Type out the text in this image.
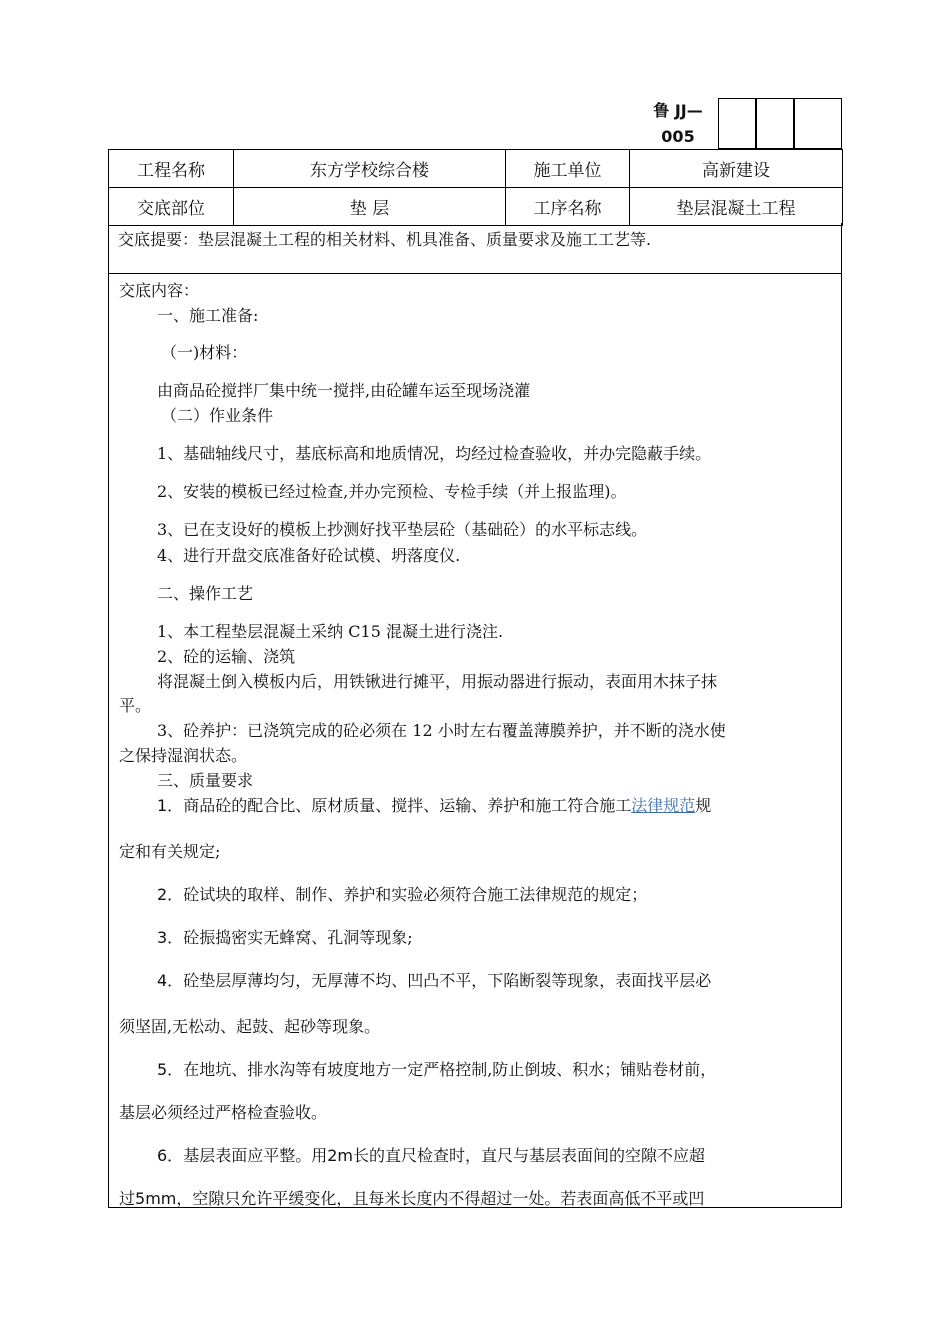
鲁 JJ—
005
工程名称	东方学校综合楼	施工单位	高新建设
交底部位	垫 层	工序名称	垫层混凝土工程
交底提要：垫层混凝土工程的相关材料、机具准备、质量要求及施工工艺等.
交底内容：
一、施工准备:
（一)材料：
由商品砼搅拌厂集中统一搅拌,由砼罐车运至现场浇灌
（二）作业条件
1、基础轴线尺寸，基底标高和地质情况，均经过检查验收，并办完隐蔽手续。
2、安装的模板已经过检查,并办完预检、专检手续（并上报监理)。
3、已在支设好的模板上抄测好找平垫层砼（基础砼）的水平标志线。
4、进行开盘交底准备好砼试模、坍落度仪.
二、操作工艺
1、本工程垫层混凝土采纳 C15 混凝土进行浇注.
2、砼的运输、浇筑
将混凝土倒入模板内后，用铁锹进行摊平，用振动器进行振动，表面用木抹子抹
平。
3、砼养护：已浇筑完成的砼必须在 12 小时左右覆盖薄膜养护，并不断的浇水使
之保持湿润状态。
三、质量要求
1．商品砼的配合比、原材质量、搅拌、运输、养护和施工符合施工法律规范规
定和有关规定;
2．砼试块的取样、制作、养护和实验必须符合施工法律规范的规定；
3．砼振捣密实无蜂窝、孔洞等现象;
4．砼垫层厚薄均匀，无厚薄不均、凹凸不平，下陷断裂等现象，表面找平层必
须坚固,无松动、起鼓、起砂等现象。
5．在地坑、排水沟等有坡度地方一定严格控制,防止倒坡、积水；铺贴卷材前，
基层必须经过严格检查验收。
6．基层表面应平整。用2m长的直尺检查时，直尺与基层表面间的空隙不应超
过5mm，空隙只允许平缓变化，且每米长度内不得超过一处。若表面高低不平或凹
